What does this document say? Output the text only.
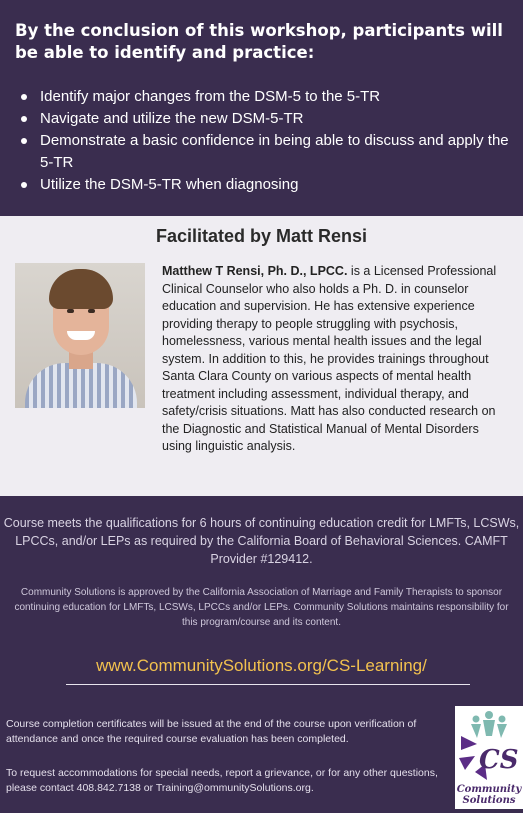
By the conclusion of this workshop, participants will be able to identify and practice:
Identify major changes from the DSM-5 to the 5-TR
Navigate and utilize the new DSM-5-TR
Demonstrate a basic confidence in being able to discuss and apply the 5-TR
Utilize the DSM-5-TR when diagnosing
Facilitated by Matt Rensi

Matthew T Rensi, Ph. D., LPCC. is a Licensed Professional Clinical Counselor who also holds a Ph. D. in counselor education and supervision. He has extensive experience providing therapy to people struggling with psychosis, homelessness, various mental health issues and the legal system. In addition to this, he provides trainings throughout Santa Clara County on various aspects of mental health treatment including assessment, individual therapy, and safety/crisis situations. Matt has also conducted research on the Diagnostic and Statistical Manual of Mental Disorders using linguistic analysis.

Course meets the qualifications for 6 hours of continuing education credit for LMFTs, LCSWs, LPCCs, and/or LEPs as required by the California Board of Behavioral Sciences. CAMFT Provider #129412.

Community Solutions is approved by the California Association of Marriage and Family Therapists to sponsor continuing education for LMFTs, LCSWs, LPCCs and/or LEPs. Community Solutions maintains responsibility for this program/course and its content.

www.CommunitySolutions.org/CS-Learning/

Course completion certificates will be issued at the end of the course upon verification of attendance and once the required course evaluation has been completed.

To request accommodations for special needs, report a grievance, or for any other questions, please contact 408.842.7138 or Training@ommunitySolutions.org.

CS
Community Solutions
